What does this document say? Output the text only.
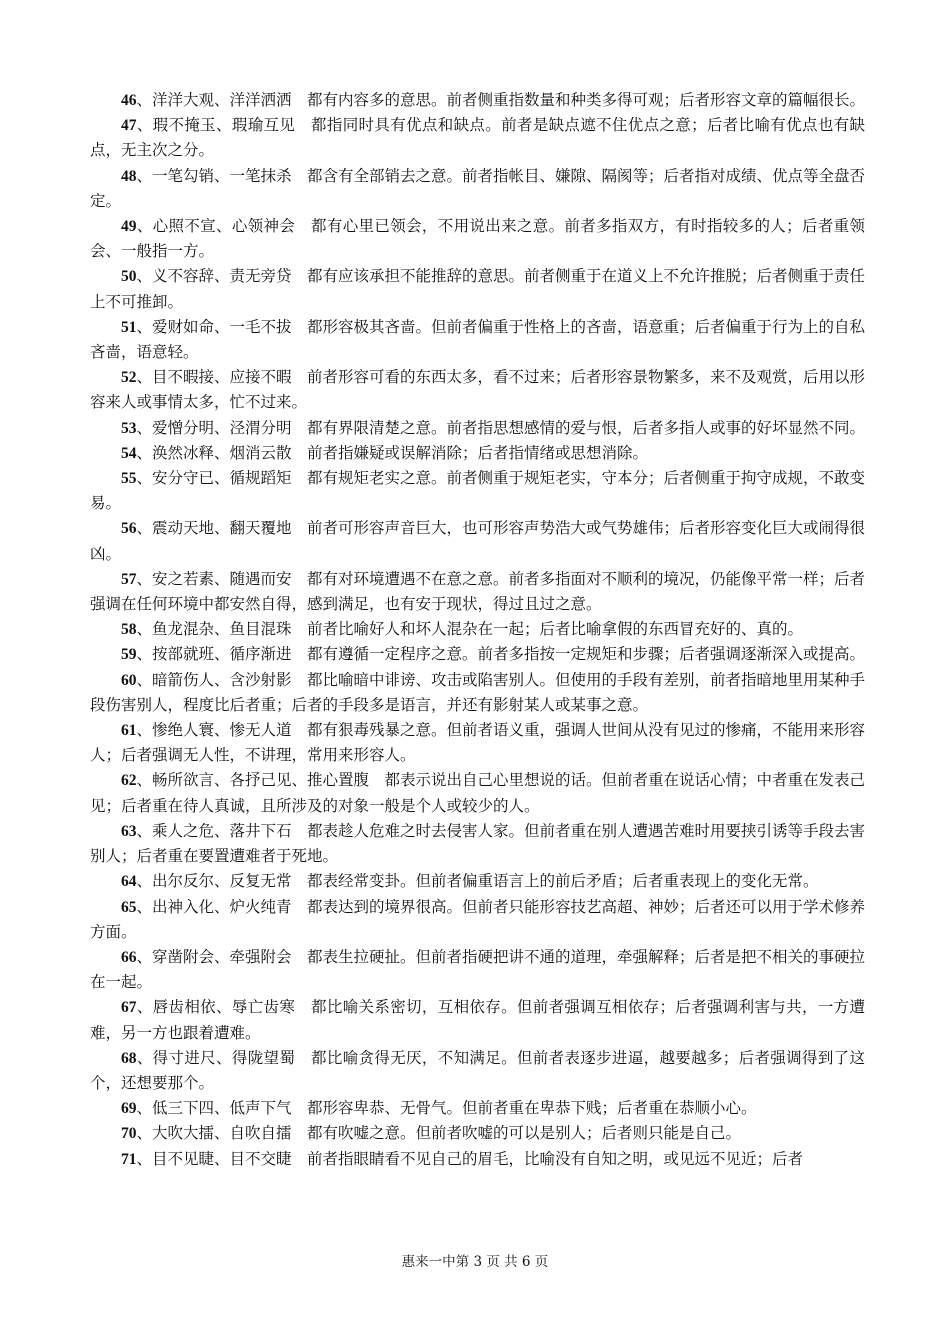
46、洋洋大观、洋洋洒洒　都有内容多的意思。前者侧重指数量和种类多得可观；后者形容文章的篇幅很长。

47、瑕不掩玉、瑕瑜互见　都指同时具有优点和缺点。前者是缺点遮不住优点之意；后者比喻有优点也有缺点，无主次之分。

48、一笔勾销、一笔抹杀　都含有全部销去之意。前者指帐目、嫌隙、隔阂等；后者指对成绩、优点等全盘否定。

49、心照不宣、心领神会　都有心里已领会，不用说出来之意。前者多指双方，有时指较多的人；后者重领会、一般指一方。

50、义不容辞、责无旁贷　都有应该承担不能推辞的意思。前者侧重于在道义上不允许推脱；后者侧重于责任上不可推卸。

51、爱财如命、一毛不拔　都形容极其吝啬。但前者偏重于性格上的吝啬，语意重；后者偏重于行为上的自私吝啬，语意轻。

52、目不暇接、应接不暇　前者形容可看的东西太多，看不过来；后者形容景物繁多，来不及观赏，后用以形容来人或事情太多，忙不过来。

53、爱憎分明、泾渭分明　都有界限清楚之意。前者指思想感情的爱与恨，后者多指人或事的好坏显然不同。

54、涣然冰释、烟消云散　前者指嫌疑或误解消除；后者指情绪或思想消除。

55、安分守已、循规蹈矩　都有规矩老实之意。前者侧重于规矩老实，守本分；后者侧重于拘守成规，不敢变易。

56、震动天地、翻天覆地　前者可形容声音巨大，也可形容声势浩大或气势雄伟；后者形容变化巨大或闹得很凶。

57、安之若素、随遇而安　都有对环境遭遇不在意之意。前者多指面对不顺利的境况，仍能像平常一样；后者强调在任何环境中都安然自得，感到满足，也有安于现状，得过且过之意。

58、鱼龙混杂、鱼目混珠　前者比喻好人和坏人混杂在一起；后者比喻拿假的东西冒充好的、真的。

59、按部就班、循序渐进　都有遵循一定程序之意。前者多指按一定规矩和步骤；后者强调逐渐深入或提高。

60、暗箭伤人、含沙射影　都比喻暗中诽谤、攻击或陷害别人。但使用的手段有差别，前者指暗地里用某种手段伤害别人，程度比后者重；后者的手段多是语言，并还有影射某人或某事之意。

61、惨绝人寰、惨无人道　都有狠毒残暴之意。但前者语义重，强调人世间从没有见过的惨痛，不能用来形容人；后者强调无人性，不讲理，常用来形容人。

62、畅所欲言、各抒己见、推心置腹　都表示说出自己心里想说的话。但前者重在说话心情；中者重在发表己见；后者重在待人真诚，且所涉及的对象一般是个人或较少的人。

63、乘人之危、落井下石　都表趁人危难之时去侵害人家。但前者重在别人遭遇苦难时用要挟引诱等手段去害别人；后者重在要置遭难者于死地。

64、出尔反尔、反复无常　都表经常变卦。但前者偏重语言上的前后矛盾；后者重表现上的变化无常。

65、出神入化、炉火纯青　都表达到的境界很高。但前者只能形容技艺高超、神妙；后者还可以用于学术修养方面。

66、穿凿附会、牵强附会　都表生拉硬扯。但前者指硬把讲不通的道理，牵强解释；后者是把不相关的事硬拉在一起。

67、唇齿相依、辱亡齿寒　都比喻关系密切，互相依存。但前者强调互相依存；后者强调利害与共，一方遭难，另一方也跟着遭难。

68、得寸进尺、得陇望蜀　都比喻贪得无厌，不知满足。但前者表逐步进逼，越要越多；后者强调得到了这个，还想要那个。

69、低三下四、低声下气　都形容卑恭、无骨气。但前者重在卑恭下贱；后者重在恭顺小心。

70、大吹大擂、自吹自擂　都有吹嘘之意。但前者吹嘘的可以是别人；后者则只能是自己。

71、目不见睫、目不交睫　前者指眼睛看不见自己的眉毛，比喻没有自知之明，或见远不见近；后者

惠来一中第 3 页 共 6 页
